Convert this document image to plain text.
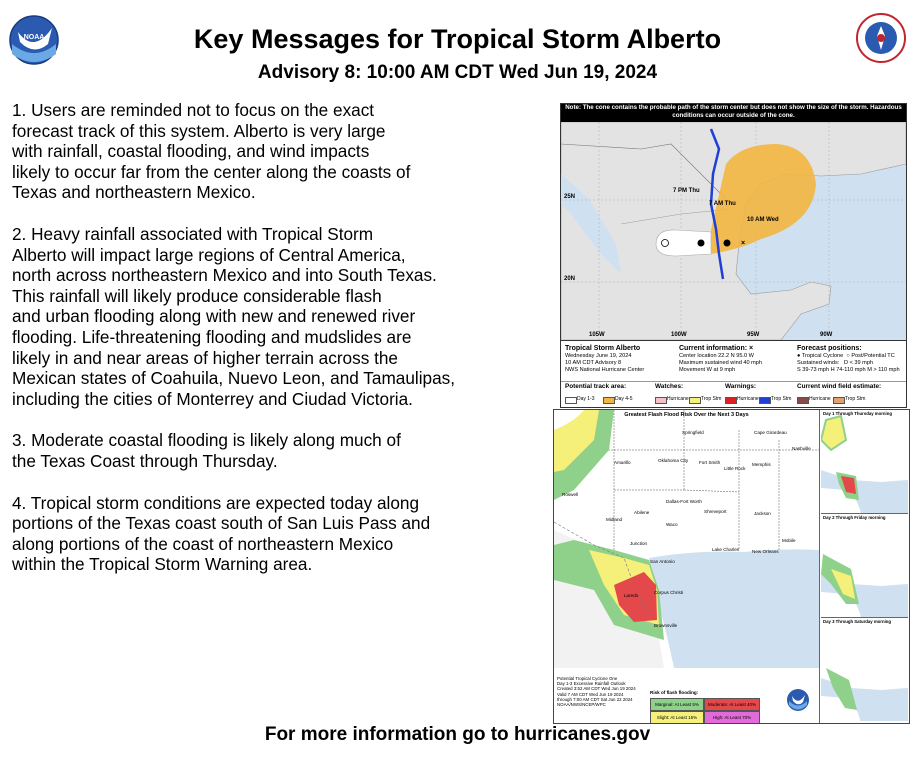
NOAA	Key Messages for Tropical Storm Alberto
Advisory 8: 10:00 AM CDT Wed Jun 19, 2024

1. Users are reminded not to focus on the exact
forecast track of this system. Alberto is very large
with rainfall, coastal flooding, and wind impacts
likely to occur far from the center along the coasts of
Texas and northeastern Mexico.

2. Heavy rainfall associated with Tropical Storm
Alberto will impact large regions of Central America,
north across northeastern Mexico and into South Texas.
This rainfall will likely produce considerable flash
and urban flooding along with new and renewed river
flooding. Life-threatening flooding and mudslides are
likely in and near areas of higher terrain across the
Mexican states of Coahuila, Nuevo Leon, and Tamaulipas,
including the cities of Monterrey and Ciudad Victoria.

3. Moderate coastal flooding is likely along much of
the Texas Coast through Thursday.

4. Tropical storm conditions are expected today along
portions of the Texas coast south of San Luis Pass and
along portions of the coast of northeastern Mexico
within the Tropical Storm Warning area.

×
Note: The cone contains the probable path of the storm center but does not show the size of the storm. Hazardous conditions can occur outside of the cone.
25N
20N
105W	100W	95W	90W
7 PM Thu
7 AM Thu
10 AM Wed
Tropical Storm Alberto
Wednesday June 19, 2024
10 AM CDT Advisory 8
NWS National Hurricane Center
Current information: ×
Center location 22.2 N 95.0 W
Maximum sustained wind 40 mph
Movement W at 9 mph
Forecast positions:
● Tropical Cyclone ○ Post/Potential TC
Sustained winds: D < 39 mph
S 39-73 mph H 74-110 mph M > 110 mph
Potential track area:
Day 1-3	Day 4-5
Watches:
Hurricane Trop Stm
Warnings:
Hurricane Trop Stm
Current wind field estimate:
Hurricane	Trop Stm
Greatest Flash Flood Risk Over the Next 3 Days
Springfield	Cape Girardeau
Oklahoma City Fort Smith	Memphis
Nashville
Little Rock
Amarillo
Dallas-Fort Worth
Shreveport	Jackson
Roswell
Abilene
Midland
Waco
Mobile
Junction
Lake Charles	New Orleans
San Antonio
Laredo
Corpus Christi
Brownsville
Potential Tropical Cyclone One
Day 1-3 Excessive Rainfall Outlook
Created 3:52 AM CDT Wed Jun 19 2024
Valid 7 AM CDT Wed Jun 19 2024
through 7:00 AM CDT Sat Jun 22 2024
NOAA/NWS/NCEP/WPC
Risk of flash flooding:
Marginal: At Least 5%	Moderate: At Least 40%
Slight: At Least 15%	High: At Least 70%
Day 1 Through Thursday morning
Day 2 Through Friday morning
Day 3 Through Saturday morning
For more information go to hurricanes.gov
